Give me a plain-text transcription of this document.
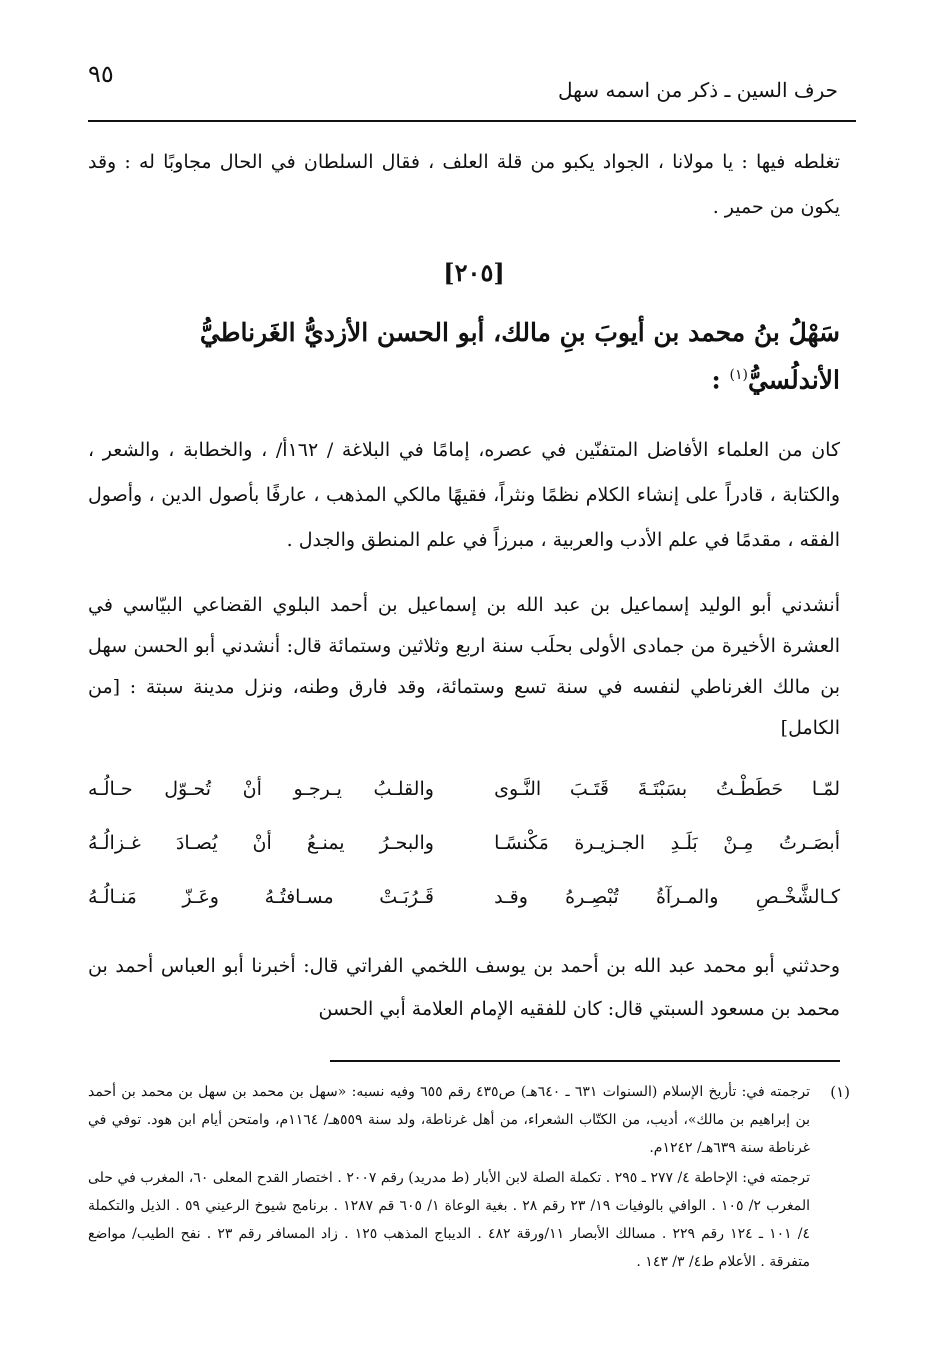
٩٥
حرف السين ـ ذكر من اسمه سهل
تغلطه فيها : يا مولانا ، الجواد يكبو من قلة العلف ، فقال السلطان في الحال مجاوبًا له : وقد يكون من حمير .
[٢٠٥]
سَهْلُ بنُ محمد بن أيوبَ بنِ مالك، أبو الحسن الأزديُّ الغَرناطيُّ الأندلُسيُّ$^{(١)}$ :
كان من العلماء الأفاضل المتفنّين في عصره، إمامًا في البلاغة / ١٦٢أ/ ، والخطابة ، والشعر ، والكتابة ، قادراً على إنشاء الكلام نظمًا ونثراً، فقيهًا مالكي المذهب ، عارفًا بأصول الدين ، وأصول الفقه ، مقدمًا في علم الأدب والعربية ، مبرزاً في علم المنطق والجدل .
أنشدني أبو الوليد إسماعيل بن عبد الله بن إسماعيل بن أحمد البلوي القضاعي البيّاسي في العشرة الأخيرة من جمادى الأولى بحلَب سنة اربع وثلاثين وستمائة قال: أنشدني أبو الحسن سهل بن مالك الغرناطي لنفسه في سنة تسع وستمائة، وقد فارق وطنه، ونزل مدينة سبتة : [من الكامل]
لمّـا حَطَطْـتُ بسَبْتَـةَ قَتَـبَ النَّـوى
والقلـبُ يـرجـو أنْ تُحـوّل حـالُـه
أبصَـرتُ مِـنْ بَلَـدِ الجـزيـرة مَكْنسًـا
والبحـرُ يمنـعُ أنْ يُصـادَ غـزالُـهُ
كـالشَّخْـصِ والمـرآةُ تُبْصِـرهُ وقـد
قَـرُبَـتْ مسـافتُـهُ وعَـزّ مَنـالُـهُ
وحدثني أبو محمد عبد الله بن أحمد بن يوسف اللخمي الفراتي قال: أخبرنا أبو العباس أحمد بن محمد بن مسعود السبتي قال: كان للفقيه الإمام العلامة أبي الحسن
(١)
ترجمته في: تأريخ الإسلام (السنوات ٦٣١ ـ ٦٤٠هـ) ص٤٣٥ رقم ٦٥٥ وفيه نسبه: «سهل بن محمد بن سهل بن محمد بن أحمد بن إبراهيم بن مالك»، أديب، من الكتّاب الشعراء، من أهل غرناطة، ولد سنة ٥٥٩هـ/ ١١٦٤م، وامتحن أيام ابن هود. توفي في غرناطة سنة ٦٣٩هـ/ ١٢٤٢م.
ترجمته في: الإحاطة ٤/ ٢٧٧ ـ ٢٩٥ . تكملة الصلة لابن الأبار (ط مدريد) رقم ٢٠٠٧ . اختصار القدح المعلى ٦٠، المغرب في حلى المغرب ٢/ ١٠٥ . الوافي بالوفيات ١٩/ ٢٣ رقم ٢٨ . بغية الوعاة ١/ ٦٠٥ قم ١٢٨٧ . برنامج شيوخ الرعيني ٥٩ . الذيل والتكملة ٤/ ١٠١ ـ ١٢٤ رقم ٢٢٩ . مسالك الأبصار ١١/ورقة ٤٨٢ . الديباج المذهب ١٢٥ . زاد المسافر رقم ٢٣ . نفح الطيب/ مواضع متفرقة . الأعلام ط٤/ ٣/ ١٤٣ .
